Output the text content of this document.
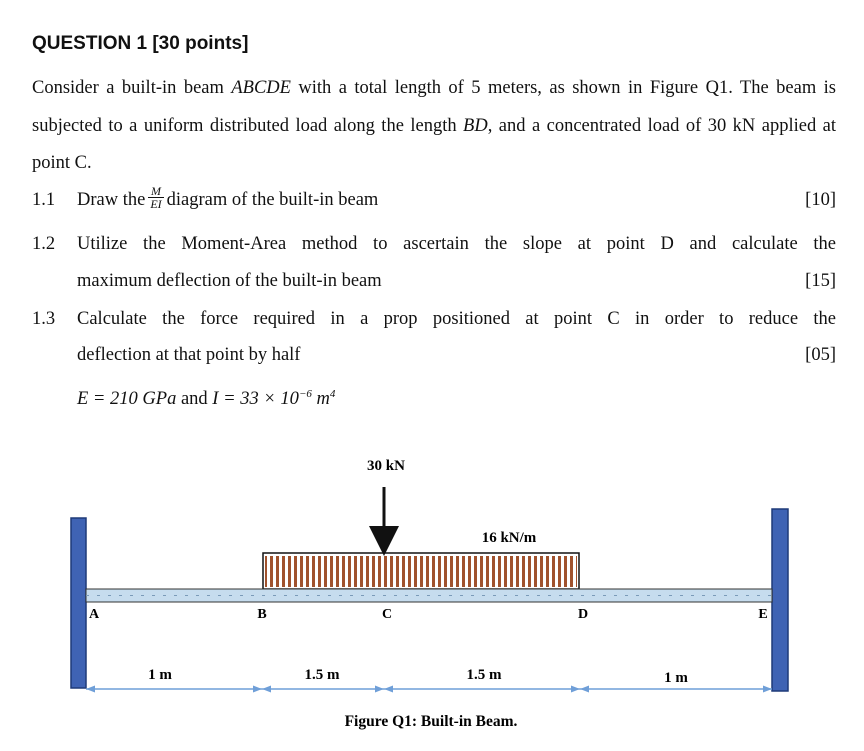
QUESTION 1 [30 points]
Consider a built-in beam ABCDE with a total length of 5 meters, as shown in Figure Q1. The beam is subjected to a uniform distributed load along the length BD, and a concentrated load of 30 kN applied at point C.
1.1 Draw the $\frac{M}{EI}$ diagram of the built-in beam	[10]
1.2 Utilize the Moment-Area method to ascertain the slope at point D and calculate the
maximum deflection of the built-in beam	[15]
1.3 Calculate the force required in a prop positioned at point C in order to reduce the
deflection at that point by half	[05]
E = 210 GPa and $I = 33 \times 10^{-6}$ $m^4$
30 kN
16 kN/m
A	B	C	D	E
1 m	1.5 m	1.5 m	1 m
Figure Q1: Built-in Beam.
